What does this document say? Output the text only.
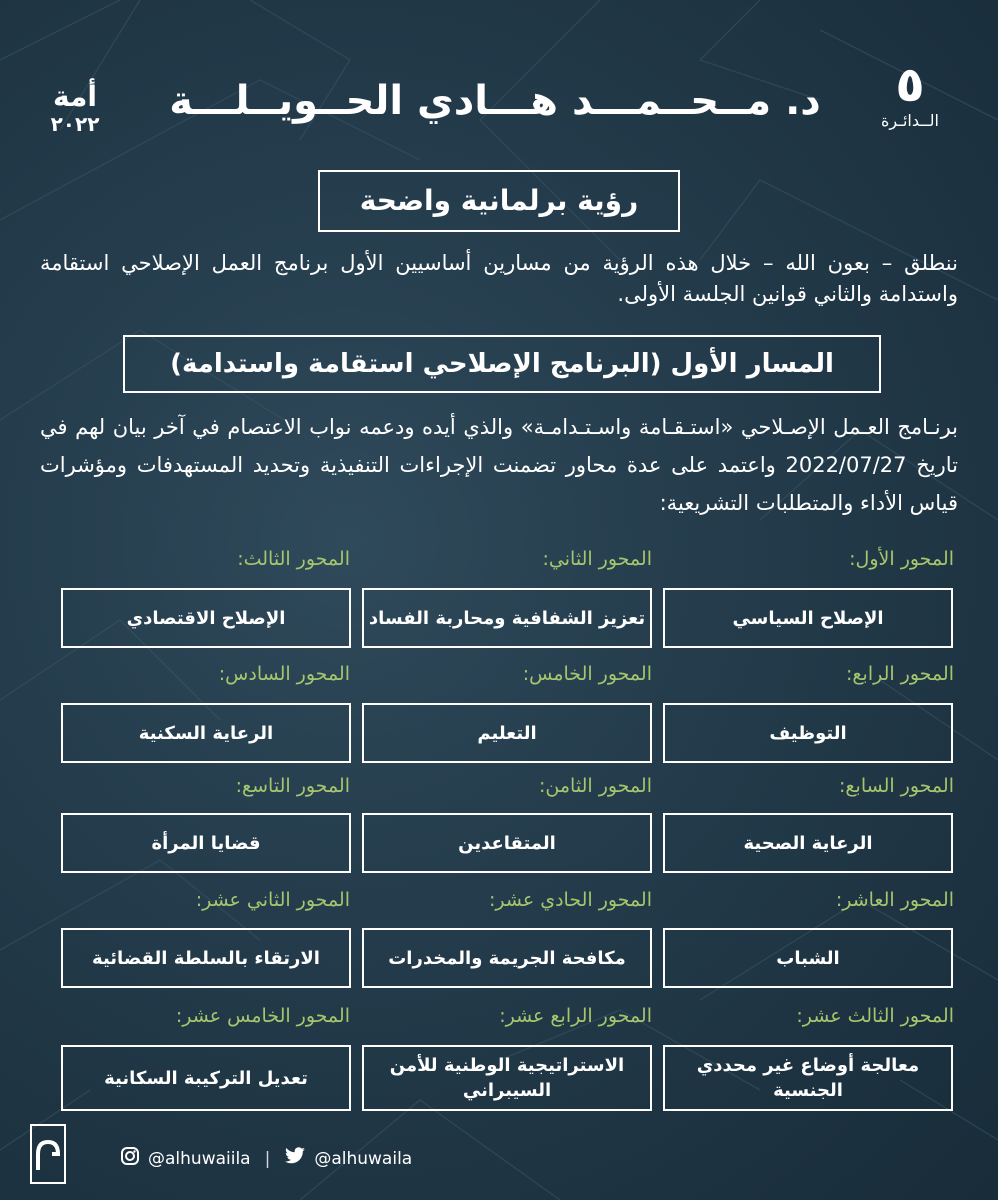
٥
الــدائـرة
د. مــحــمـــد هـــادي الحــويــلـــة
أمة
٢٠٢٢
رؤية برلمانية واضحة
ننطلق – بعون الله – خلال هذه الرؤية من مسارين أساسيين الأول برنامج العمل الإصلاحي استقامة واستدامة والثاني قوانين الجلسة الأولى.
المسار الأول (البرنامج الإصلاحي استقامة واستدامة)
برنـامج العـمل الإصـلاحي «استـقـامة واسـتـدامـة» والذي أيده ودعمه نواب الاعتصام في آخر بيان لهم في تاريخ 2022/07/27 واعتمد على عدة محاور تضمنت الإجراءات التنفيذية وتحديد المستهدفات ومؤشرات قياس الأداء والمتطلبات التشريعية:
المحور الأول:
الإصلاح السياسي
المحور الثاني:
تعزيز الشفافية ومحاربة الفساد
المحور الثالث:
الإصلاح الاقتصادي
المحور الرابع:
التوظيف
المحور الخامس:
التعليم
المحور السادس:
الرعاية السكنية
المحور السابع:
الرعاية الصحية
المحور الثامن:
المتقاعدين
المحور التاسع:
قضايا المرأة
المحور العاشر:
الشباب
المحور الحادي عشر:
مكافحة الجريمة والمخدرات
المحور الثاني عشر:
الارتقاء بالسلطة القضائية
المحور الثالث عشر:
معالجة أوضاع غير محددي الجنسية
المحور الرابع عشر:
الاستراتيجية الوطنية للأمن السيبراني
المحور الخامس عشر:
تعديل التركيبة السكانية
@alhuwaiila |	@alhuwaila
